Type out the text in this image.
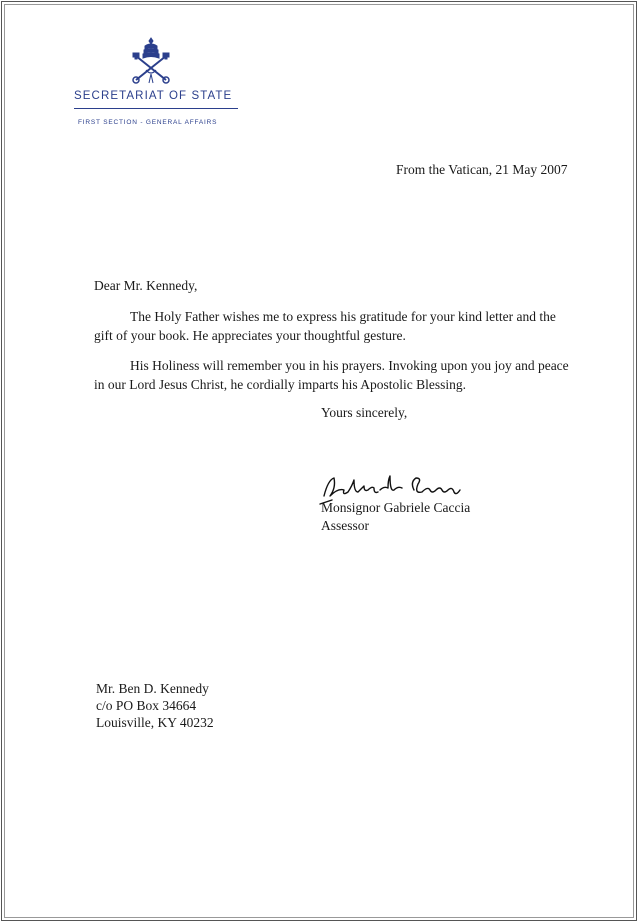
SECRETARIAT OF STATE
FIRST SECTION - GENERAL AFFAIRS
From the Vatican, 21 May 2007
Dear Mr. Kennedy,

The Holy Father wishes me to express his gratitude for your kind letter and the gift of your book. He appreciates your thoughtful gesture.

His Holiness will remember you in his prayers. Invoking upon you joy and peace in our Lord Jesus Christ, he cordially imparts his Apostolic Blessing.

Yours sincerely,
Monsignor Gabriele Caccia
Assessor
Mr. Ben D. Kennedy
c/o PO Box 34664
Louisville, KY 40232
